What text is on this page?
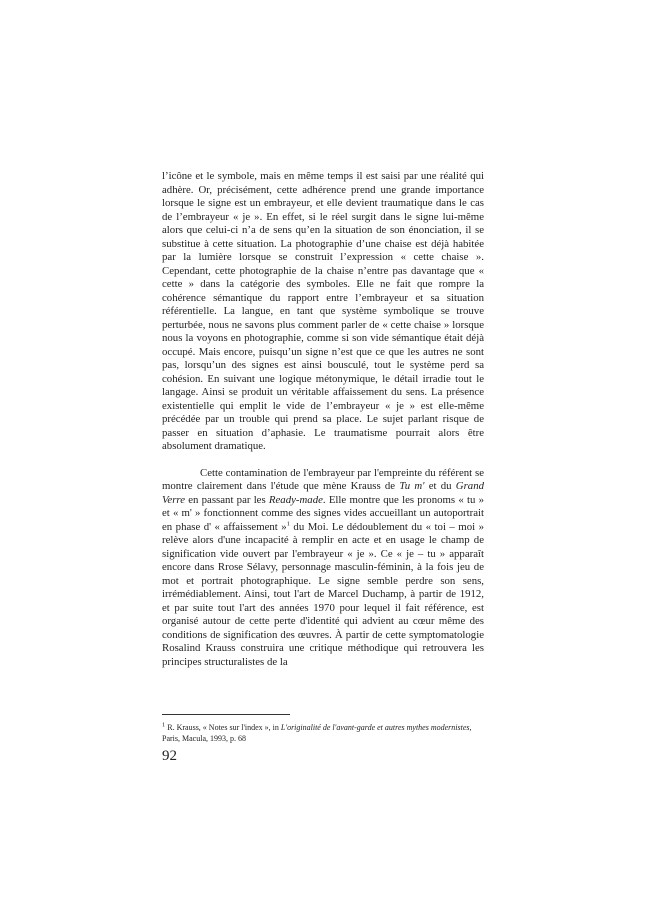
l’icône et le symbole, mais en même temps il est saisi par une réalité qui adhère. Or, précisément, cette adhérence prend une grande importance lorsque le signe est un embrayeur, et elle devient traumatique dans le cas de l’embrayeur « je ». En effet, si le réel surgit dans le signe lui-même alors que celui-ci n’a de sens qu’en la situation de son énonciation, il se substitue à cette situation. La photographie d’une chaise est déjà habitée par la lumière lorsque se construit l’expression « cette chaise ». Cependant, cette photographie de la chaise n’entre pas davantage que « cette » dans la catégorie des symboles. Elle ne fait que rompre la cohérence sémantique du rapport entre l’embrayeur et sa situation référentielle. La langue, en tant que système symbolique se trouve perturbée, nous ne savons plus comment parler de « cette chaise » lorsque nous la voyons en photographie, comme si son vide sémantique était déjà occupé. Mais encore, puisqu’un signe n’est que ce que les autres ne sont pas, lorsqu’un des signes est ainsi bousculé, tout le système perd sa cohésion. En suivant une logique métonymique, le détail irradie tout le langage. Ainsi se produit un véritable affaissement du sens. La présence existentielle qui emplit le vide de l’embrayeur « je » est elle-même précédée par un trouble qui prend sa place. Le sujet parlant risque de passer en situation d’aphasie. Le traumatisme pourrait alors être absolument dramatique.

Cette contamination de l'embrayeur par l'empreinte du référent se montre clairement dans l'étude que mène Krauss de Tu m' et du Grand Verre en passant par les Ready-made. Elle montre que les pronoms « tu » et « m' » fonctionnent comme des signes vides accueillant un autoportrait en phase d' « affaissement »$^1$ du Moi. Le dédoublement du « toi – moi » relève alors d'une incapacité à remplir en acte et en usage le champ de signification vide ouvert par l'embrayeur « je ». Ce « je – tu » apparaît encore dans Rrose Sélavy, personnage masculin-féminin, à la fois jeu de mot et portrait photographique. Le signe semble perdre son sens, irrémédiablement. Ainsi, tout l'art de Marcel Duchamp, à partir de 1912, et par suite tout l'art des années 1970 pour lequel il fait référence, est organisé autour de cette perte d'identité qui advient au cœur même des conditions de signification des œuvres. À partir de cette symptomatologie Rosalind Krauss construira une critique méthodique qui retrouvera les principes structuralistes de la

$^1$ R. Krauss, « Notes sur l'index », in L'originalité de l'avant-garde et autres mythes modernistes, Paris, Macula, 1993, p. 68
92
